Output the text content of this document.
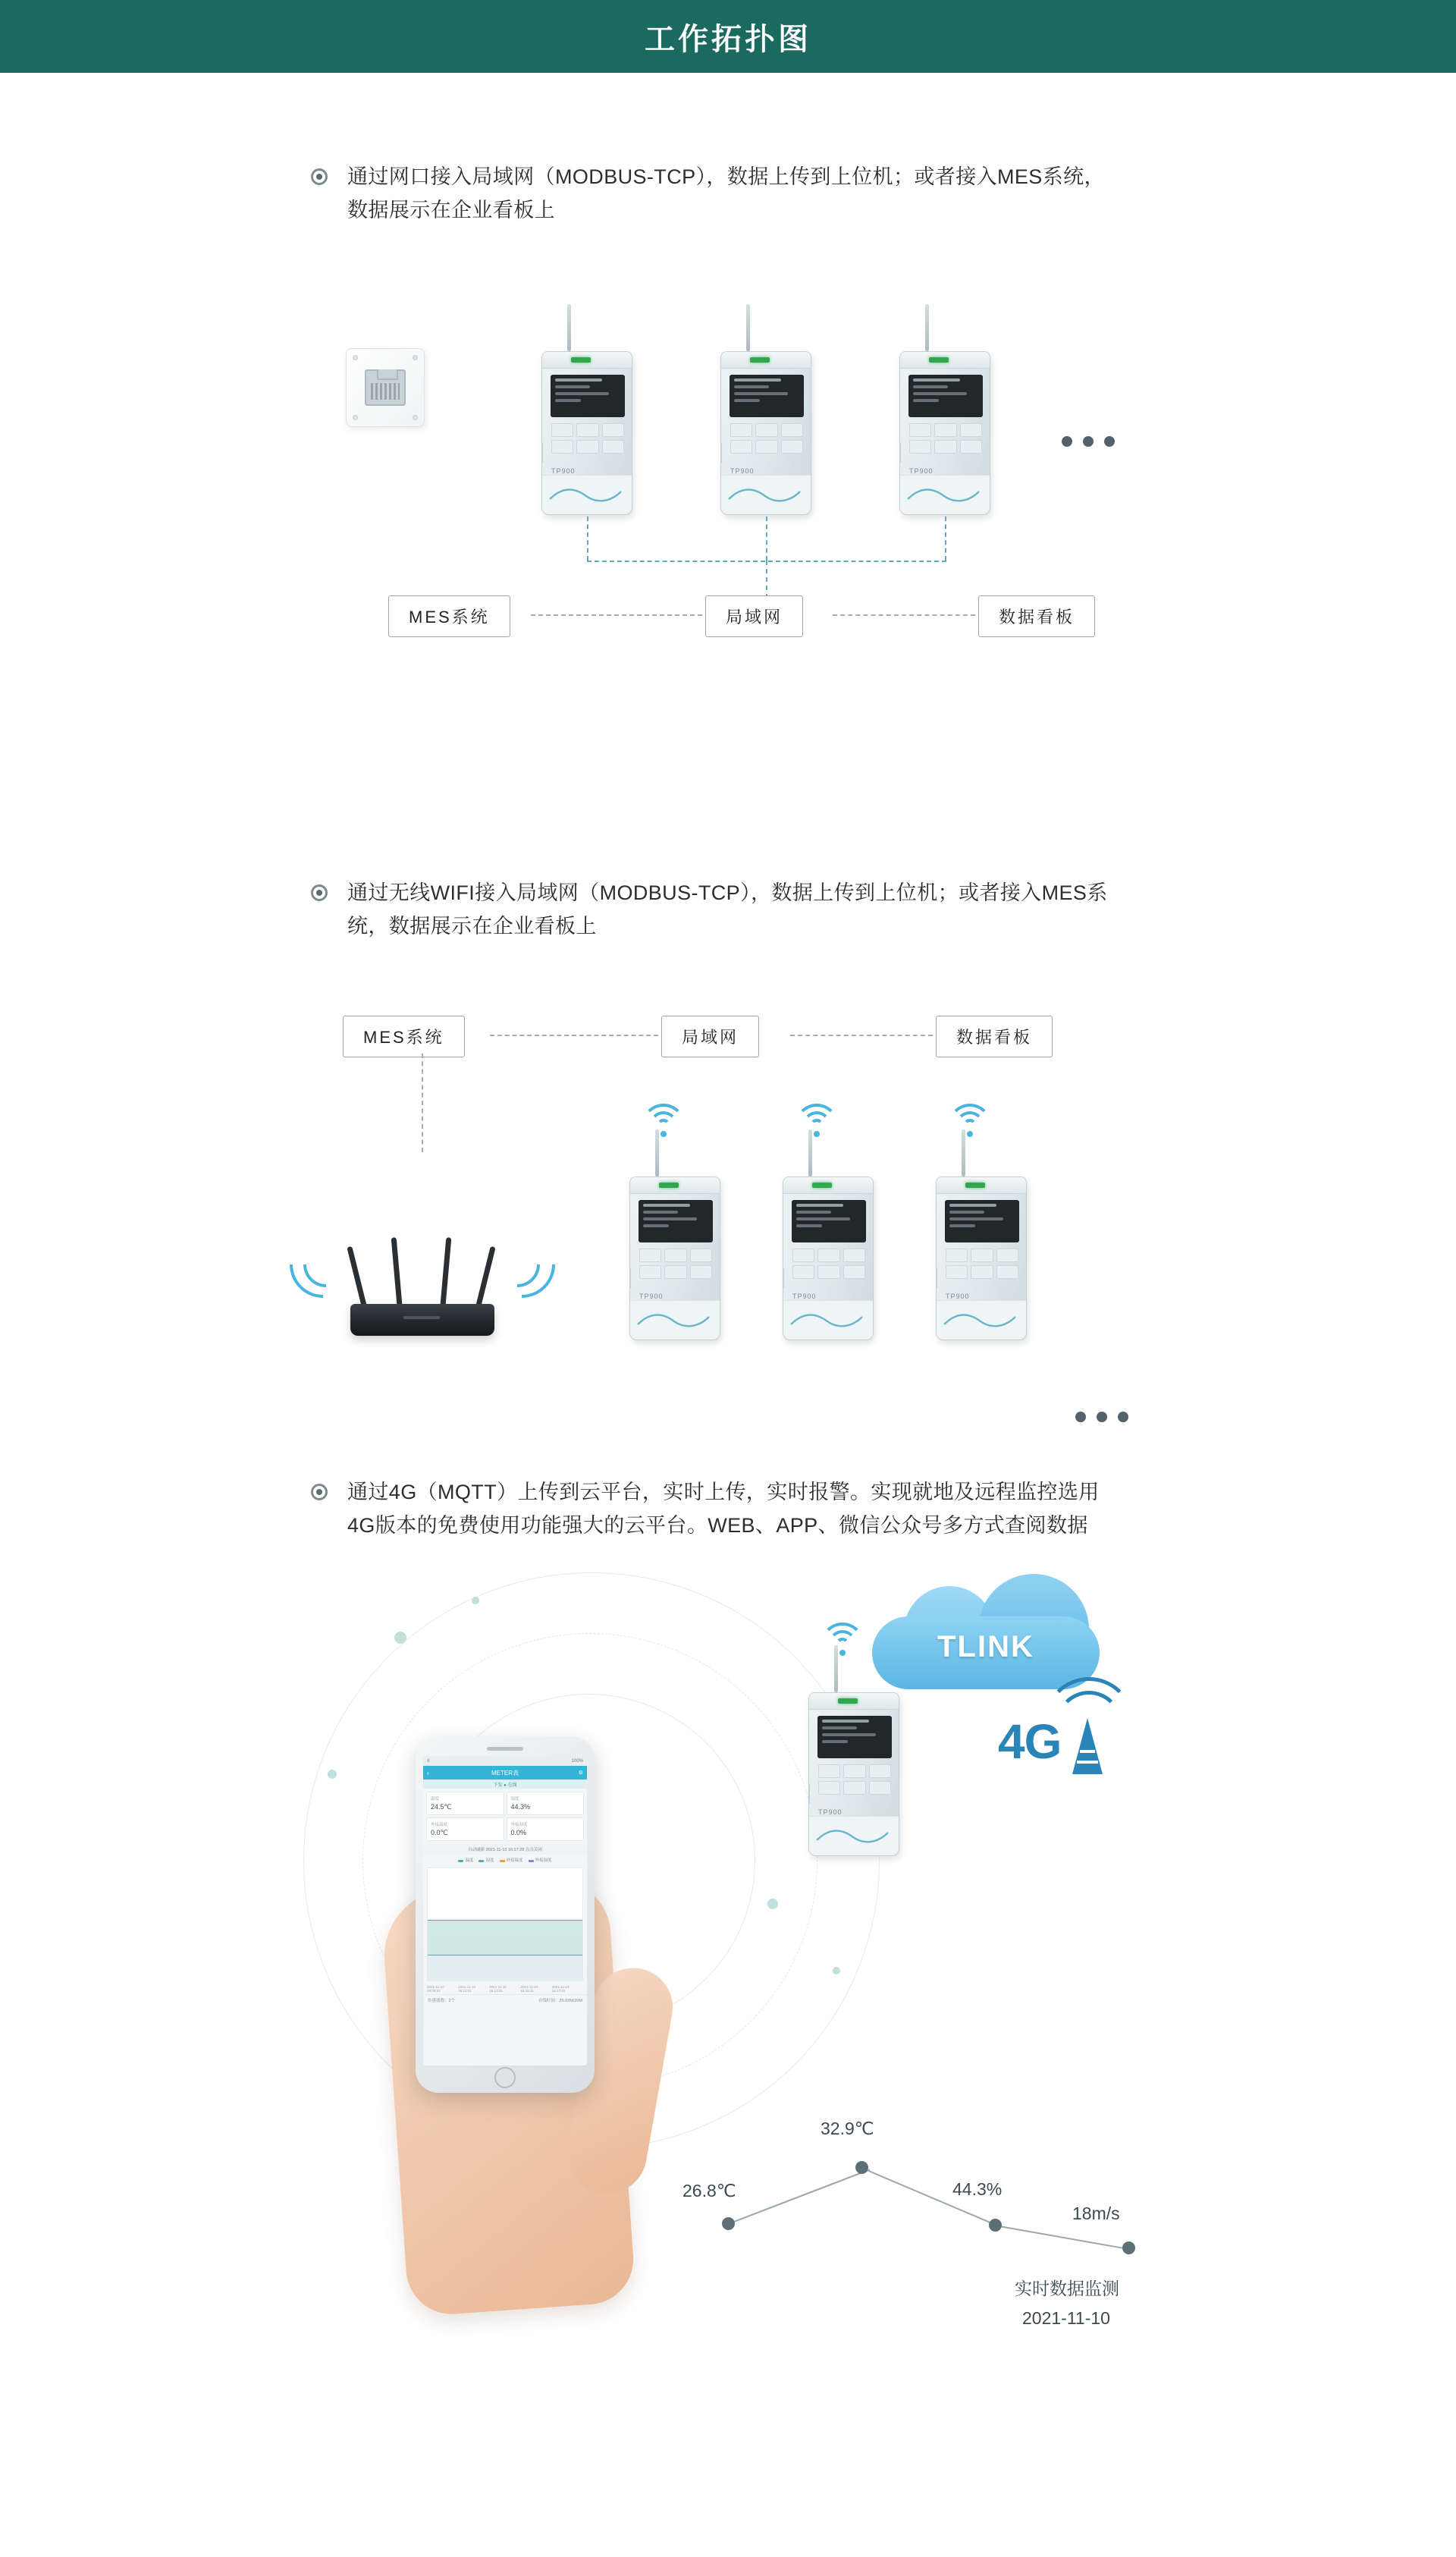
工作拓扑图
通过网口接入局域网（MODBUS-TCP），数据上传到上位机；或者接入MES系统，数据展示在企业看板上
TP900	TP900	TP900
MES系统	局域网	数据看板
通过无线WIFI接入局域网（MODBUS-TCP），数据上传到上位机；或者接入MES系统，数据展示在企业看板上
MES系统	局域网	数据看板
TP900	TP900	TP900
通过4G（MQTT）上传到云平台，实时上传，实时报警。实现就地及远程监控选用4G版本的免费使用功能强大的云平台。WEB、APP、微信公众号多方式查阅数据
TLINK
4G
TP900
ıl	100%
‹	METER表	⚙
下发 ● 在线
温度
24.5℃
湿度
44.3%
外接温度
0.0℃
外接湿度
0.0%
自动刷新 2021-11-10 16:17:28 点击关闭
温度	湿度	外接温度	外接湿度
2021-11-10 16:09:21
2021-11-10 16:11:21
2021-11-10 16:13:21
2021-11-10 16:15:21
2021-11-10 16:17:21
传感器数：2个	在线时间：25.02M/30M
26.8℃
32.9℃
44.3%
18m/s
实时数据监测
2021-11-10
